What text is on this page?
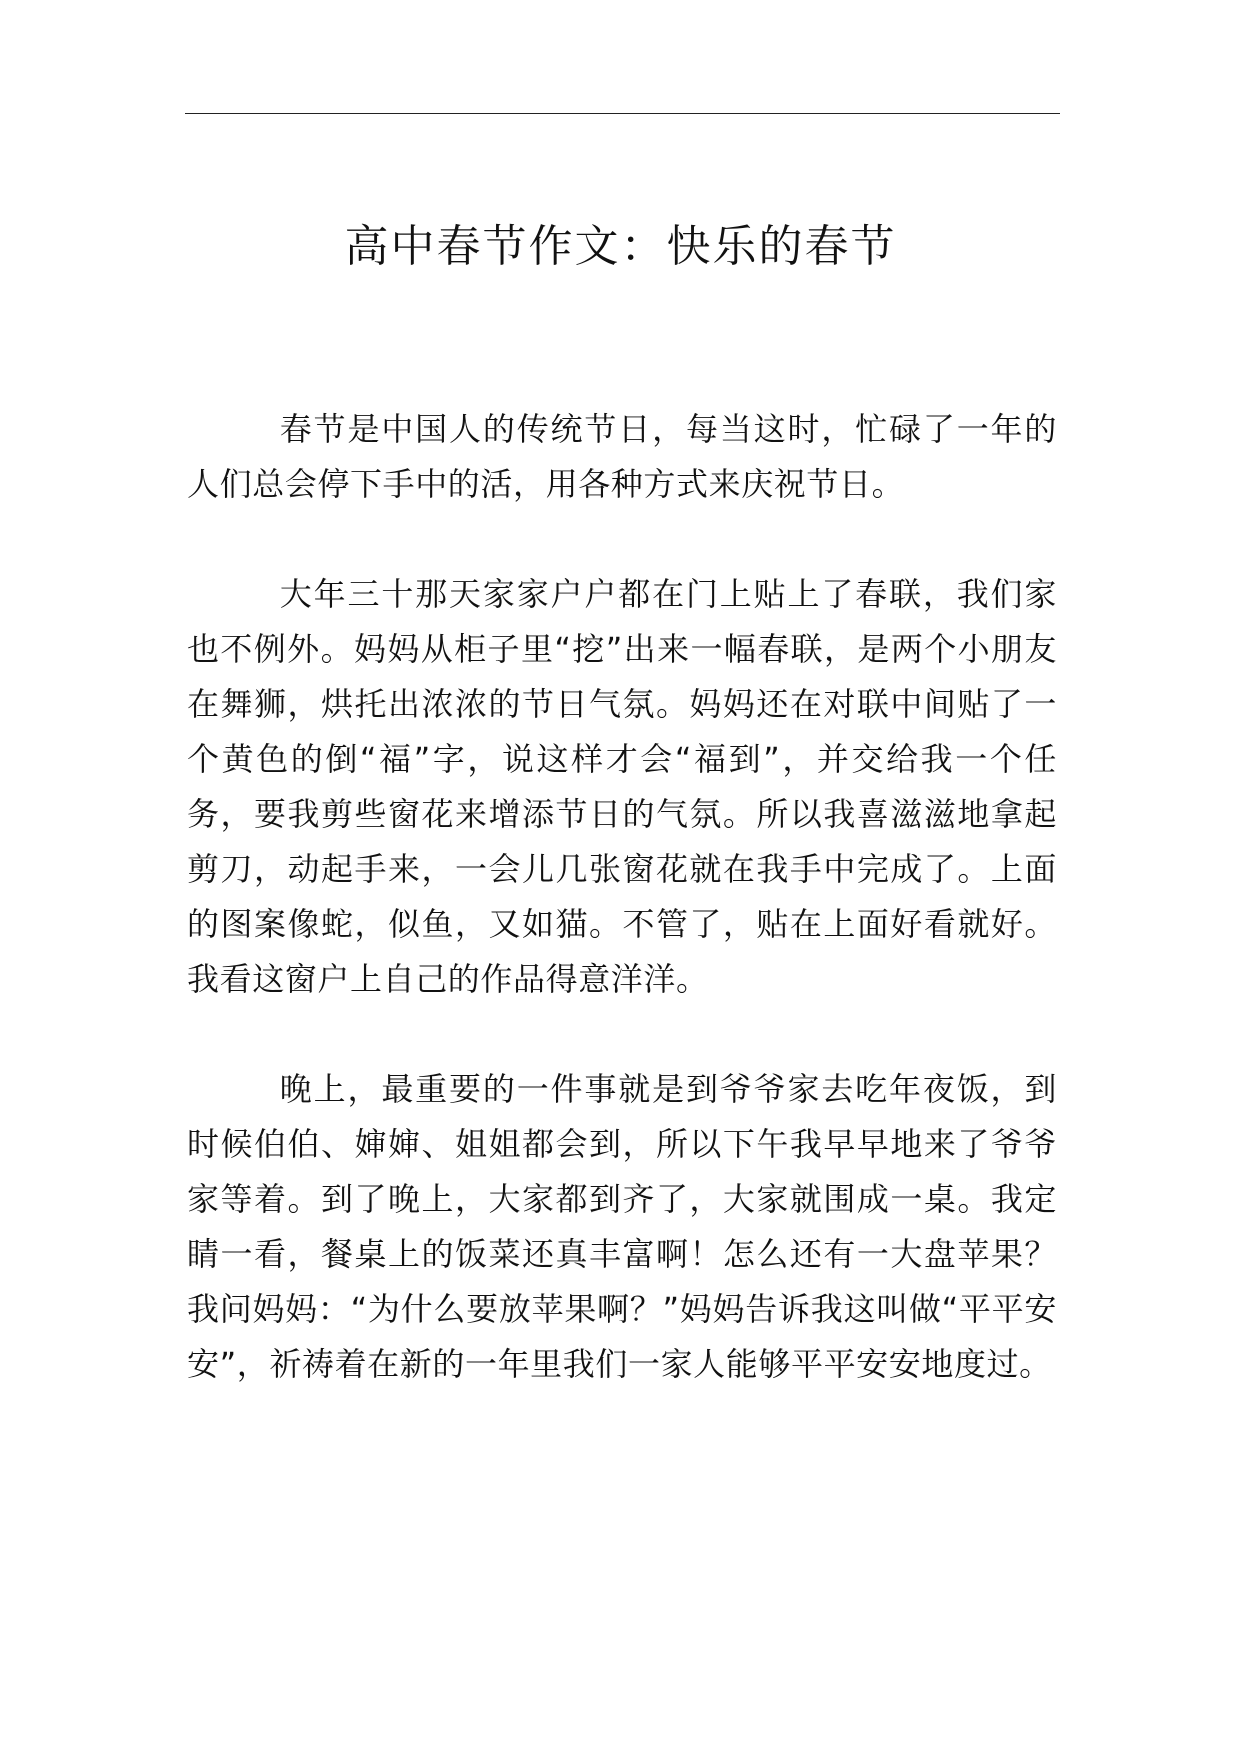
高中春节作文：快乐的春节

春节是中国人的传统节日，每当这时，忙碌了一年的人们总会停下手中的活，用各种方式来庆祝节日。

大年三十那天家家户户都在门上贴上了春联，我们家也不例外。妈妈从柜子里“挖”出来一幅春联，是两个小朋友在舞狮，烘托出浓浓的节日气氛。妈妈还在对联中间贴了一个黄色的倒“福”字，说这样才会“福到”，并交给我一个任务，要我剪些窗花来增添节日的气氛。所以我喜滋滋地拿起剪刀，动起手来，一会儿几张窗花就在我手中完成了。上面的图案像蛇，似鱼，又如猫。不管了，贴在上面好看就好。我看这窗户上自己的作品得意洋洋。

晚上，最重要的一件事就是到爷爷家去吃年夜饭，到时候伯伯、婶婶、姐姐都会到，所以下午我早早地来了爷爷家等着。到了晚上，大家都到齐了，大家就围成一桌。我定睛一看，餐桌上的饭菜还真丰富啊！怎么还有一大盘苹果？我问妈妈：“为什么要放苹果啊？”妈妈告诉我这叫做“平平安安”，祈祷着在新的一年里我们一家人能够平平安安地度过。
